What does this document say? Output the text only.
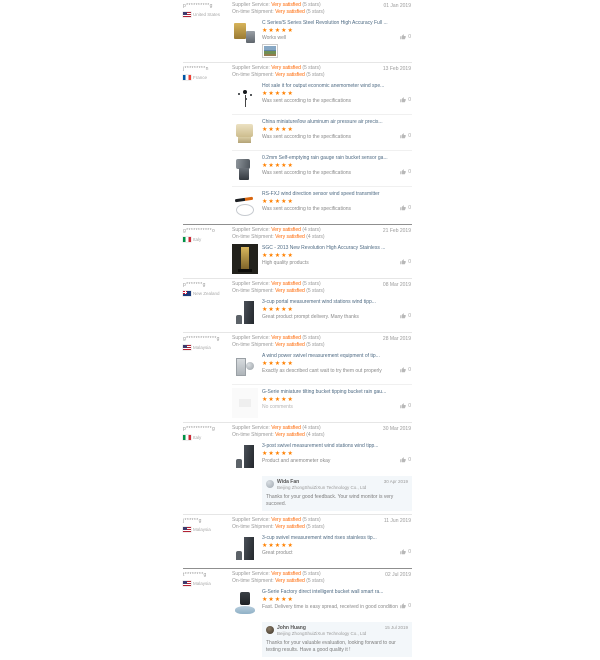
p**********g
United States
Supplier Service: Very satisfied (5 stars)
On-time Shipment: Very satisfied (5 stars)
01 Jan 2019
C Series/S Series Steel Revolution High Accuracy Full ...
★★★★★
Works well	0
j*********n
France
Supplier Service: Very satisfied (5 stars)
On-time Shipment: Very satisfied (5 stars)
13 Feb 2019
Hot sale it for output economic anemometer wind spe...
★★★★★
Was sent according to the specifications	0
China miniature/low aluminum air pressure air precis...
★★★★★
Was sent according to the specifications	0
0.2mm Self-emptying rain gauge rain bucket sensor ga...
★★★★★
Was sent according to the specifications	0
RS-FXJ wind direction sensor wind speed transmitter
★★★★★
Was sent according to the specifications	0
g***********o
Italy
Supplier Service: Very satisfied (4 stars)
On-time Shipment: Very satisfied (4 stars)
21 Feb 2019
SGC - 2013 New Revolution High Accuracy Stainless ...
★★★★★
High quality products	0
p*******g
New Zealand
Supplier Service: Very satisfied (5 stars)
On-time Shipment: Very satisfied (5 stars)
08 Mar 2019
3-cup portal measurement wind stations wind tipp...
★★★★★
Great product prompt delivery. Many thanks	0
g*************g
Malaysia
Supplier Service: Very satisfied (5 stars)
On-time Shipment: Very satisfied (5 stars)
28 Mar 2019
A wind power swivel measurement equipment of tip...
★★★★★
Exactly as described cant wait to try them out properly	0
G-Serie miniature tilting bucket tipping bucket rain gau...
★★★★★
No comments	0
p***********g
Italy
Supplier Service: Very satisfied (4 stars)
On-time Shipment: Very satisfied (4 stars)
30 Mar 2019
3-post swivel measurement wind stations wind tipp...
★★★★★
Product and anemometer okay	0
Wida Fan
Beijing ZhongShuiZiXun Technology Co., Ltd
30 Apr 2019
Thanks for your good feedback. Your wind monitor is very succeed.
j******g
Malaysia
Supplier Service: Very satisfied (5 stars)
On-time Shipment: Very satisfied (5 stars)
11 Jun 2019
3-cup swivel measurement wind rises stainless tip...
★★★★★
Great product	0
t********g
Malaysia
Supplier Service: Very satisfied (5 stars)
On-time Shipment: Very satisfied (5 stars)
02 Jul 2019
G-Serie Factory direct intelligent bucket wall smart ra...
★★★★★
Fast. Delivery time is easy spread, received in good condition	0
John Huang
Beijing ZhongShuiZiXun Technology Co., Ltd
15 Jul 2019
Thanks for your valuable evaluation, looking forward to our testing results. Have a good quality it !
